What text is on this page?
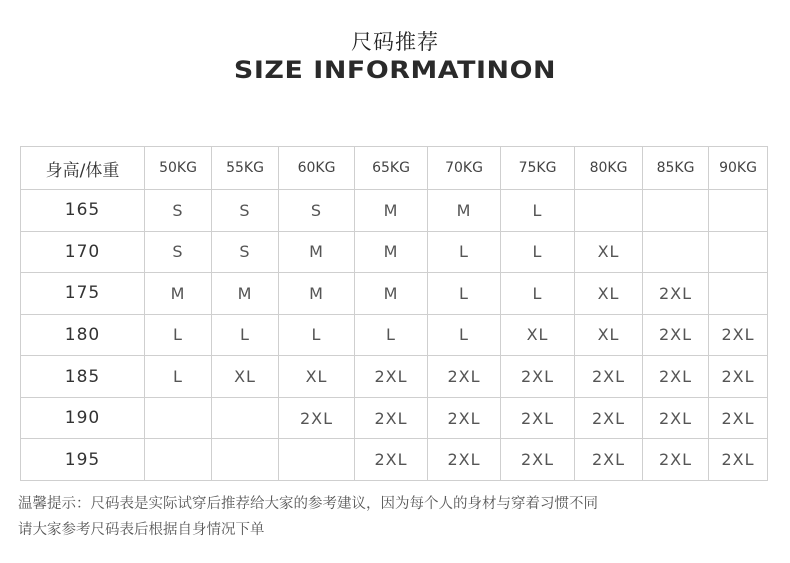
尺码推荐
SIZE INFORMATINON
身高/体重	50KG	55KG	60KG	65KG	70KG	75KG	80KG	85KG	90KG
165	S	S	S	M	M	L			
170	S	S	M	M	L	L	XL		
175	M	M	M	M	L	L	XL	2XL	
180	L	L	L	L	L	XL	XL	2XL	2XL
185	L	XL	XL	2XL	2XL	2XL	2XL	2XL	2XL
190			2XL	2XL	2XL	2XL	2XL	2XL	2XL
195				2XL	2XL	2XL	2XL	2XL	2XL
温馨提示：尺码表是实际试穿后推荐给大家的参考建议，因为每个人的身材与穿着习惯不同
请大家参考尺码表后根据自身情况下单
